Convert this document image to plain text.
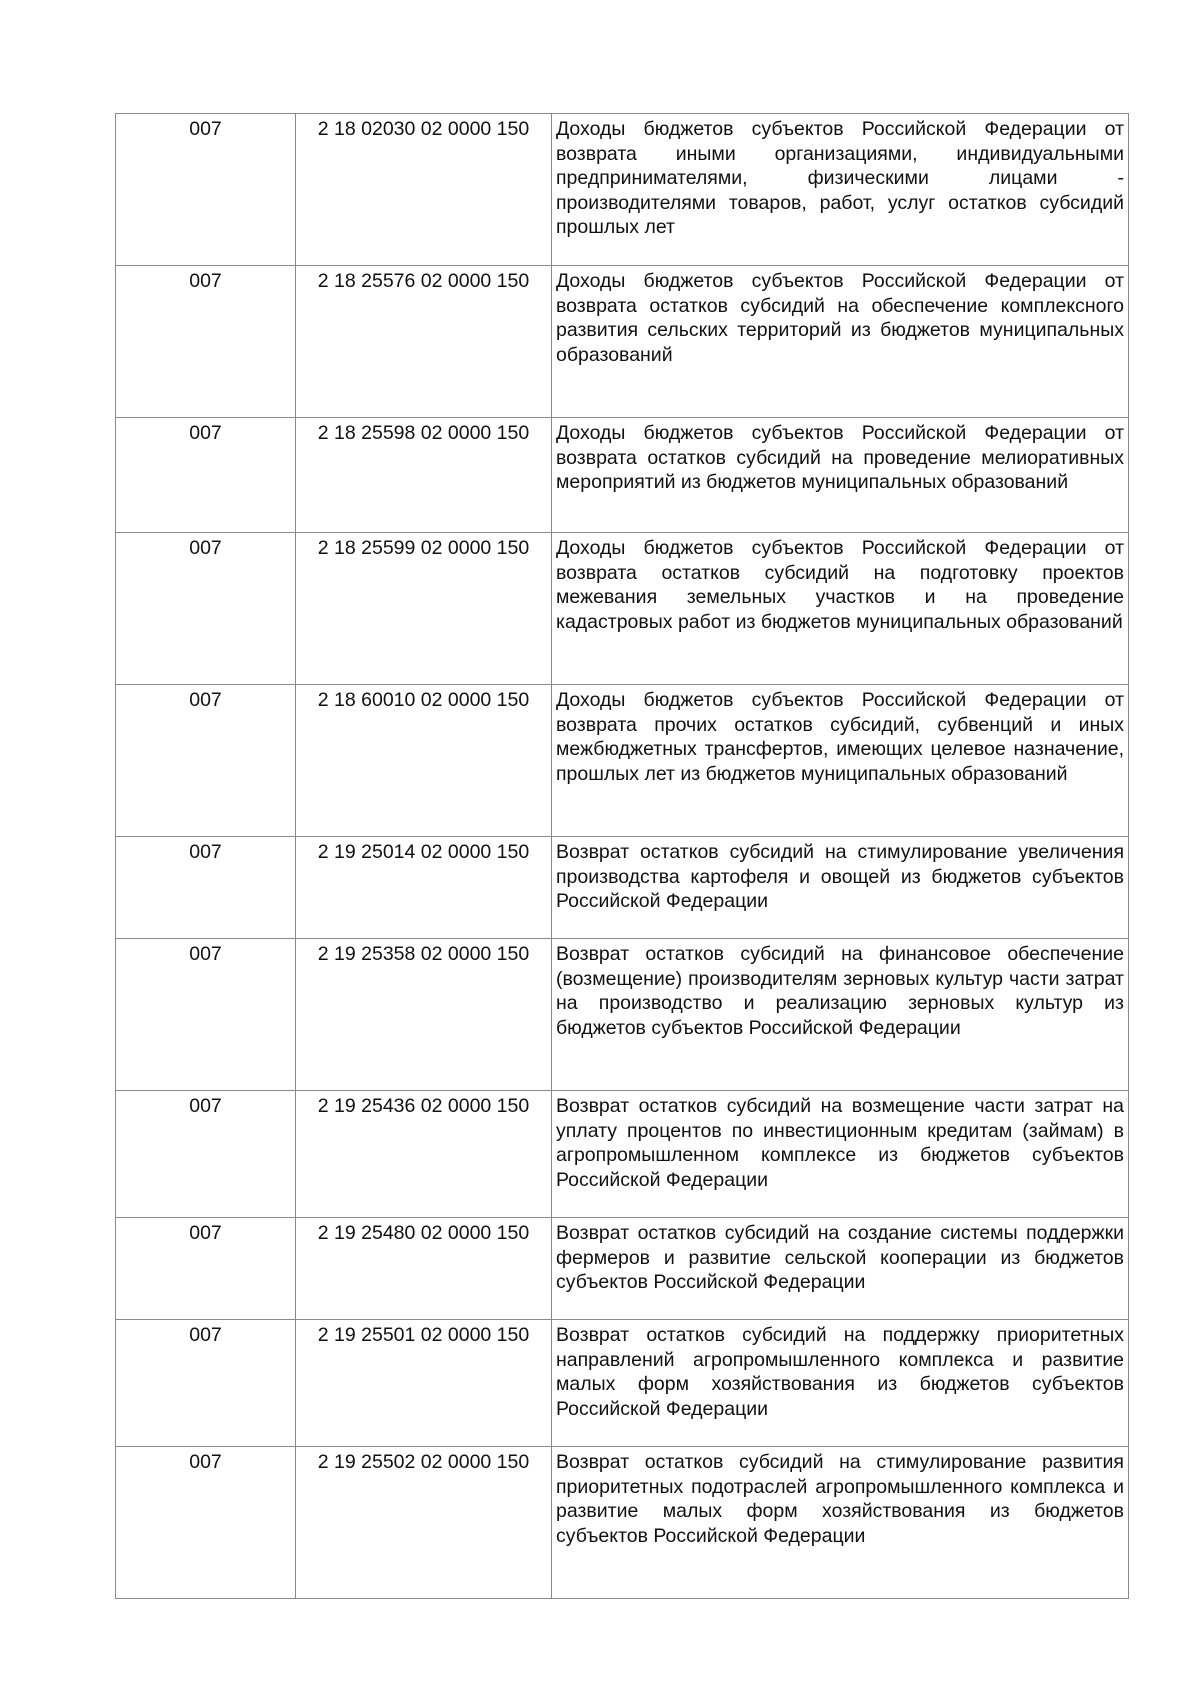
007	2 18 02030 02 0000 150	Доходы бюджетов субъектов Российской Федерации от возврата иными организациями, индивидуальными предпринимателями, физическими лицами - производителями товаров, работ, услуг остатков субсидий прошлых лет
007	2 18 25576 02 0000 150	Доходы бюджетов субъектов Российской Федерации от возврата остатков субсидий на обеспечение комплексного развития сельских территорий из бюджетов муниципальных образований
007	2 18 25598 02 0000 150	Доходы бюджетов субъектов Российской Федерации от возврата остатков субсидий на проведение мелиоративных мероприятий из бюджетов муниципальных образований
007	2 18 25599 02 0000 150	Доходы бюджетов субъектов Российской Федерации от возврата остатков субсидий на подготовку проектов межевания земельных участков и на проведение кадастровых работ из бюджетов муниципальных образований
007	2 18 60010 02 0000 150	Доходы бюджетов субъектов Российской Федерации от возврата прочих остатков субсидий, субвенций и иных межбюджетных трансфертов, имеющих целевое назначение, прошлых лет из бюджетов муниципальных образований
007	2 19 25014 02 0000 150	Возврат остатков субсидий на стимулирование увеличения производства картофеля и овощей из бюджетов субъектов Российской Федерации
007	2 19 25358 02 0000 150	Возврат остатков субсидий на финансовое обеспечение (возмещение) производителям зерновых культур части затрат на производство и реализацию зерновых культур из бюджетов субъектов Российской Федерации
007	2 19 25436 02 0000 150	Возврат остатков субсидий на возмещение части затрат на уплату процентов по инвестиционным кредитам (займам) в агропромышленном комплексе из бюджетов субъектов Российской Федерации
007	2 19 25480 02 0000 150	Возврат остатков субсидий на создание системы поддержки фермеров и развитие сельской кооперации из бюджетов субъектов Российской Федерации
007	2 19 25501 02 0000 150	Возврат остатков субсидий на поддержку приоритетных направлений агропромышленного комплекса и развитие малых форм хозяйствования из бюджетов субъектов Российской Федерации
007	2 19 25502 02 0000 150	Возврат остатков субсидий на стимулирование развития приоритетных подотраслей агропромышленного комплекса и развитие малых форм хозяйствования из бюджетов субъектов Российской Федерации
